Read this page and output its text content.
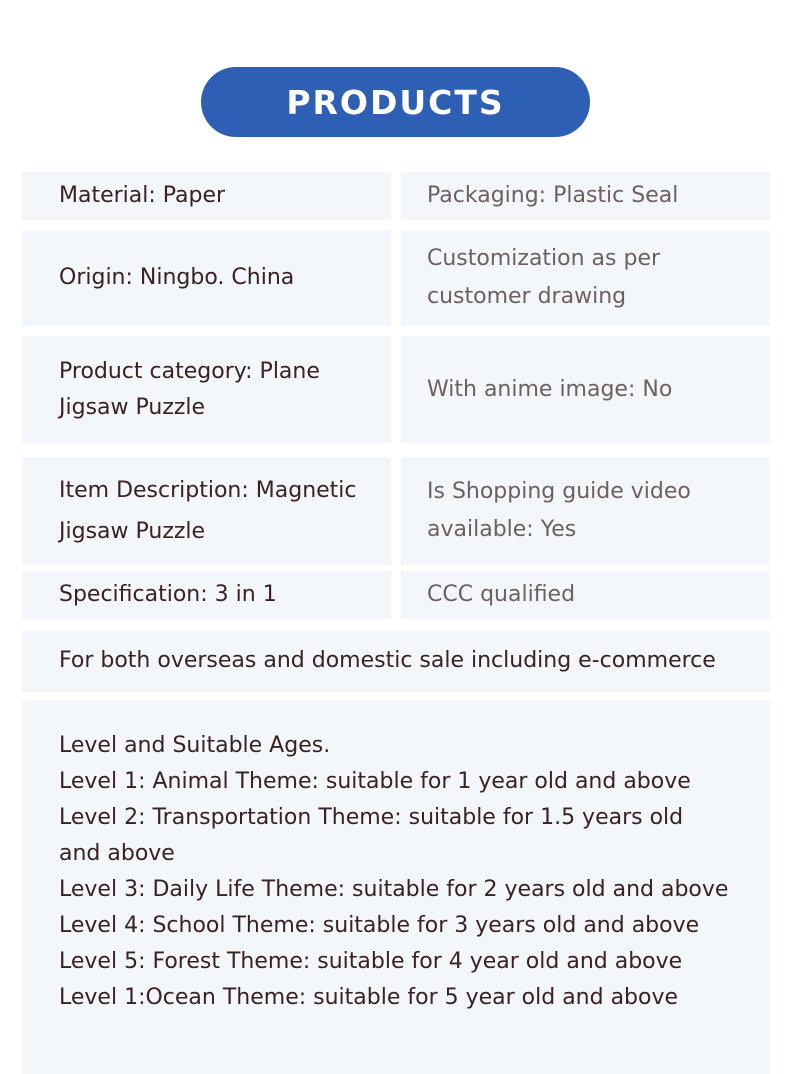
PRODUCTS
Material: Paper	Packaging: Plastic Seal
Origin: Ningbo. China
Customization as per customer drawing
Product category: Plane Jigsaw Puzzle
With anime image: No
Item Description: Magnetic Jigsaw Puzzle
Is Shopping guide video available: Yes
Specification: 3 in 1	CCC qualified
For both overseas and domestic sale including e-commerce
Level and Suitable Ages.
Level 1: Animal Theme: suitable for 1 year old and above
Level 2: Transportation Theme: suitable for 1.5 years old and above
Level 3: Daily Life Theme: suitable for 2 years old and above
Level 4: School Theme: suitable for 3 years old and above
Level 5: Forest Theme: suitable for 4 year old and above
Level 1:Ocean Theme: suitable for 5 year old and above
